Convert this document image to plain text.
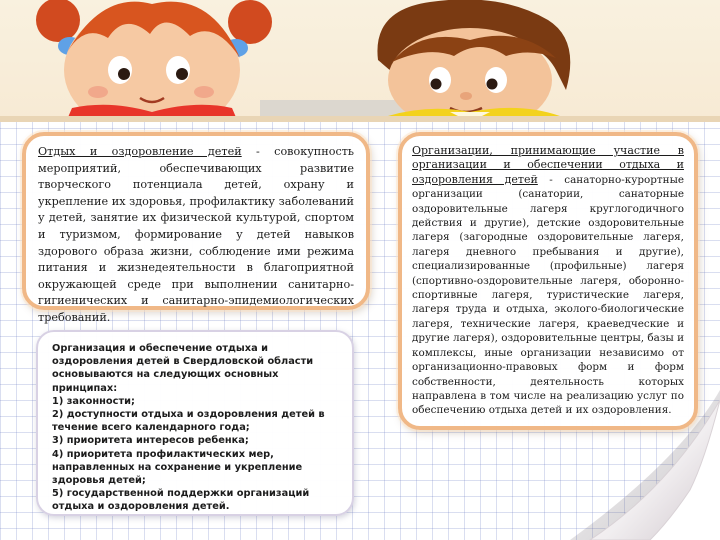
Отдых и оздоровление детей - совокупность мероприятий, обеспечивающих развитие творческого потенциала детей, охрану и укрепление их здоровья, профилактику заболеваний у детей, занятие их физической культурой, спортом и туризмом, формирование у детей навыков здорового образа жизни, соблюдение ими режима питания и жизнедеятельности в благоприятной окружающей среде при выполнении санитарно-гигиенических и санитарно-эпидемиологических требований.

Организация и обеспечение отдыха и оздоровления детей в Свердловской области основываются на следующих основных принципах:

1) законности;
2) доступности отдыха и оздоровления детей в течение всего календарного года;
3) приоритета интересов ребенка;
4) приоритета профилактических мер, направленных на сохранение и укрепление здоровья детей;
5) государственной поддержки организаций отдыха и оздоровления детей.

Организации, принимающие участие в организации и обеспечении отдыха и оздоровления детей - санаторно-курортные организации (санатории, санаторные оздоровительные лагеря круглогодичного действия и другие), детские оздоровительные лагеря (загородные оздоровительные лагеря, лагеря дневного пребывания и другие), специализированные (профильные) лагеря (спортивно-оздоровительные лагеря, оборонно-спортивные лагеря, туристические лагеря, лагеря труда и отдыха, эколого-биологические лагеря, технические лагеря, краеведческие и другие лагеря), оздоровительные центры, базы и комплексы, иные организации независимо от организационно-правовых форм и форм собственности, деятельность которых направлена в том числе на реализацию услуг по обеспечению отдыха детей и их оздоровления.
